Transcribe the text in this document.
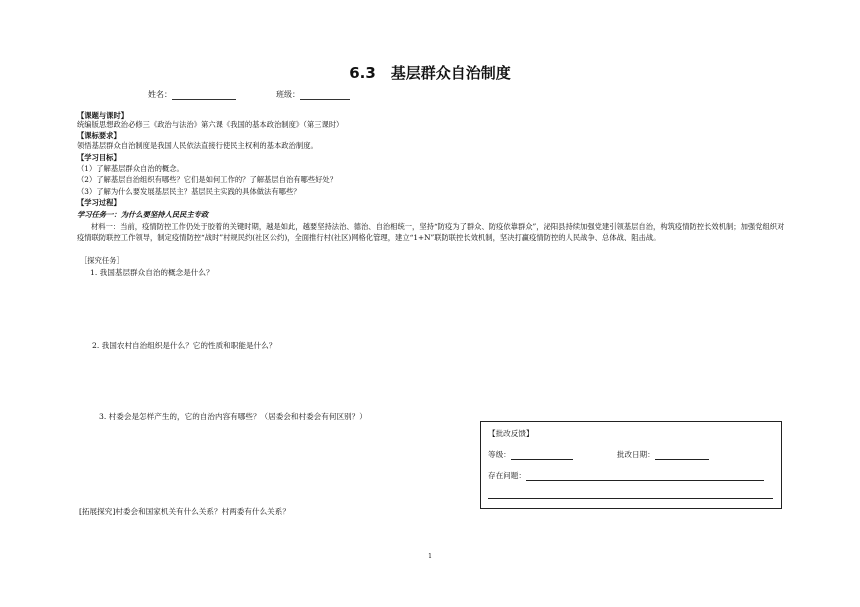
6.3　基层群众自治制度
姓名：	班级：
【课题与课时】
统编版思想政治必修三《政治与法治》第六课《我国的基本政治制度》（第三课时）
【课标要求】
领悟基层群众自治制度是我国人民依法直接行使民主权利的基本政治制度。
【学习目标】
（1）了解基层群众自治的概念。
（2）了解基层自治组织有哪些？它们是如何工作的？了解基层自治有哪些好处？
（3）了解为什么要发展基层民主？基层民主实践的具体做法有哪些？
【学习过程】
学习任务一：为什么要坚持人民民主专政
材料一：当前，疫情防控工作仍处于胶着的关键时期，越是如此，越要坚持法治、德治、自治相统一，坚持“防疫为了群众、防疫依靠群众”，泌阳县持续加强党建引领基层自治，构筑疫情防控长效机制；加强党组织对疫情联防联控工作领导，制定疫情防控“战时”村规民约(社区公约)，全面推行村(社区)网格化管理，建立“1+N”联防联控长效机制，坚决打赢疫情防控的人民战争、总体战、阻击战。
［探究任务］
1. 我国基层群众自治的概念是什么？
2. 我国农村自治组织是什么？它的性质和职能是什么？
3. 村委会是怎样产生的，它的自治内容有哪些？（居委会和村委会有何区别？）
【批改反馈】
等级：	批改日期：
存在问题：
[拓展探究]村委会和国家机关有什么关系？村两委有什么关系？
1
